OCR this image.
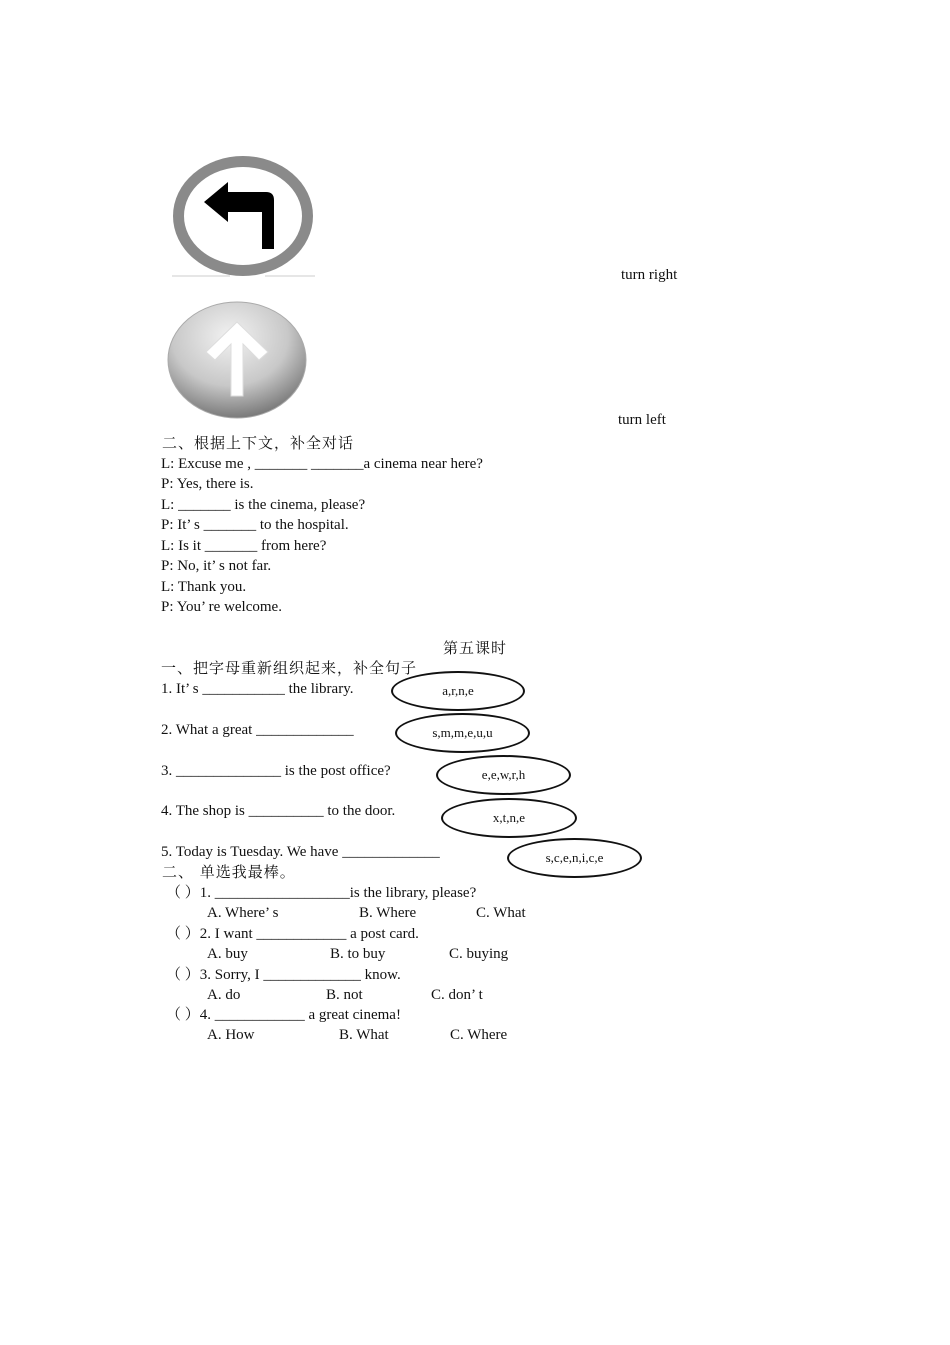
turn right
turn left
二、根据上下文，补全对话
L: Excuse me , _______ _______a cinema near here?
P: Yes, there is.
L: _______ is the cinema, please?
P: It’ s _______ to the hospital.
L: Is it _______ from here?
P: No, it’ s not far.
L: Thank you.
P: You’ re welcome.
第五课时
一、把字母重新组织起来，补全句子
1. It’ s ___________ the library.
2. What a great _____________
3. ______________ is the post office?
4. The shop is __________ to the door.
5. Today is Tuesday. We have _____________
a,r,n,e
s,m,m,e,u,u
e,e,w,r,h
x,t,n,e
s,c,e,n,i,c,e
二、 单选我最棒。
（ ）1. __________________is the library, please?
A. Where’ s	B. Where	C. What
（ ）2. I want ____________ a post card.
A. buy	B. to buy	C. buying
（ ）3. Sorry, I _____________ know.
A. do	B. not	C. don’ t
（ ）4. ____________ a great cinema!
A. How	B. What	C. Where
